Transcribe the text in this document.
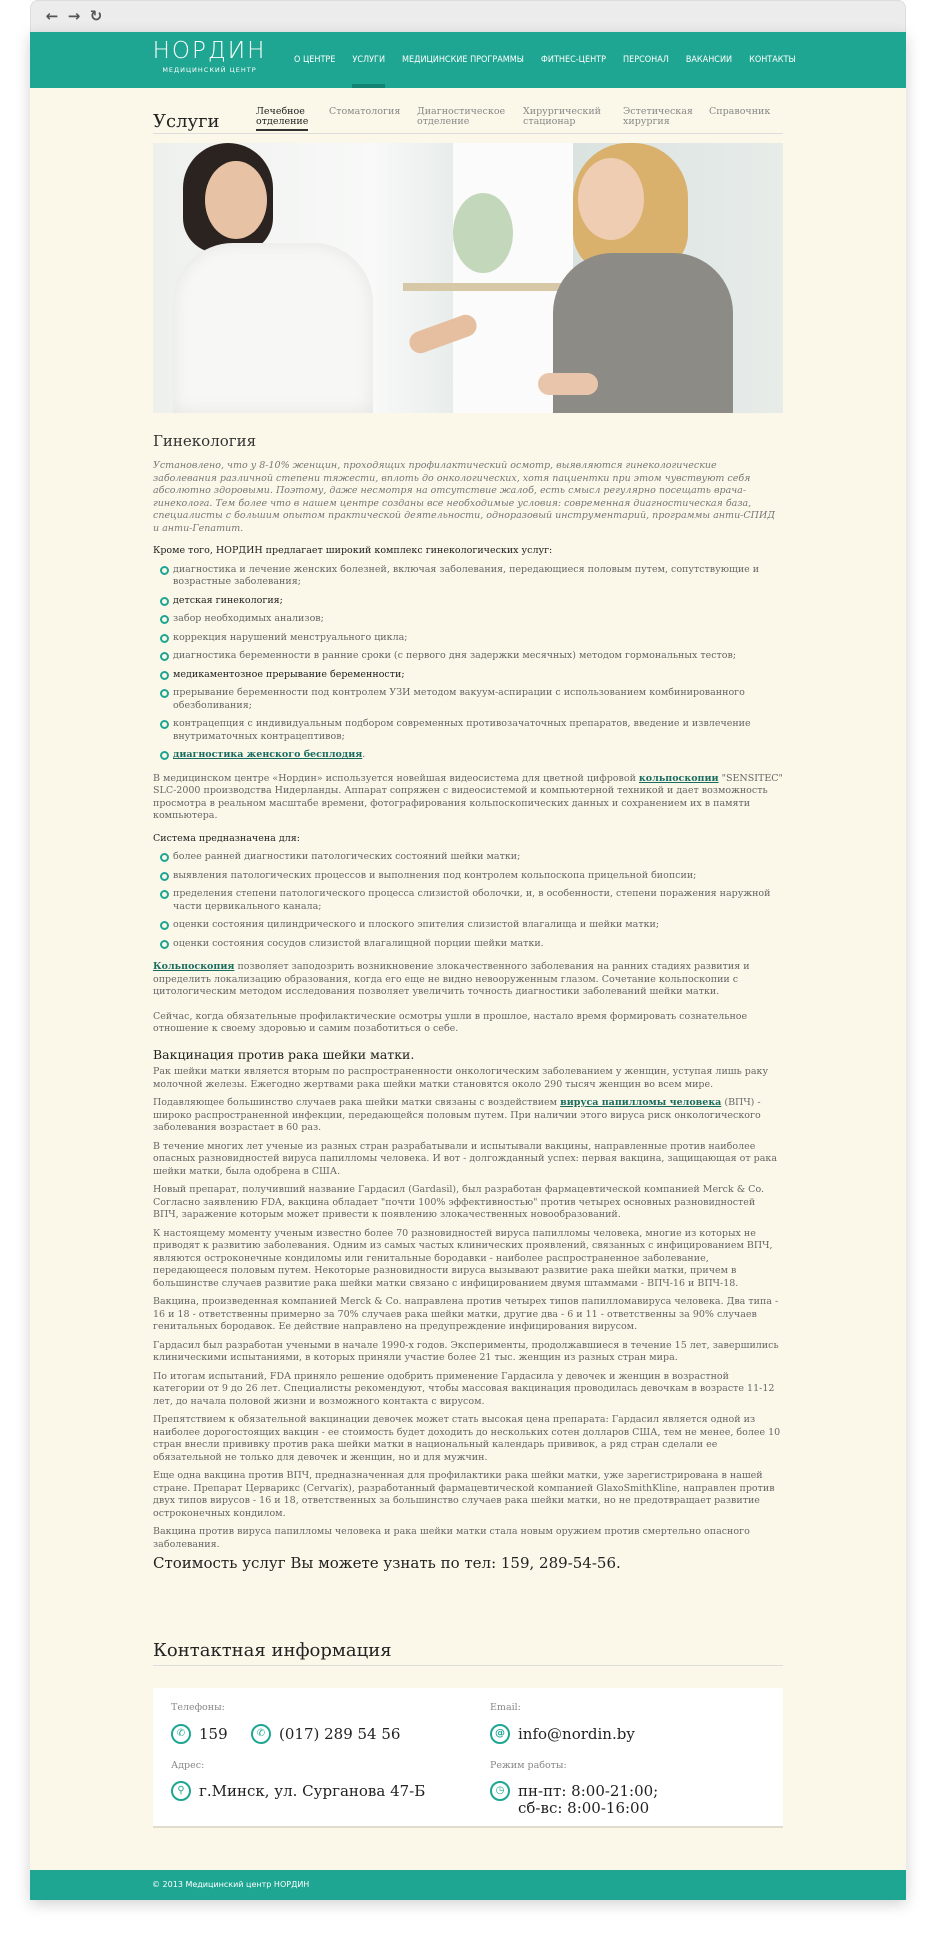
← → ↻
НОРДИН
МЕДИЦИНСКИЙ ЦЕНТР
О ЦЕНТРЕ УСЛУГИ МЕДИЦИНСКИЕ ПРОГРАММЫ ФИТНЕС-ЦЕНТР ПЕРСОНАЛ ВАКАНСИИ КОНТАКТЫ
Услуги	Лечебное
отделение
Стоматология Диагностическое
отделение
Хирургический
стационар
Эстетическая
хирургия
Справочник
Гинекология

Установлено, что у 8-10% женщин, проходящих профилактический осмотр, выявляются гинекологические заболевания различной степени тяжести, вплоть до онкологических, хотя пациентки при этом чувствуют себя абсолютно здоровыми. Поэтому, даже несмотря на отсутствие жалоб, есть смысл регулярно посещать врача-гинеколога. Тем более что в нашем центре созданы все необходимые условия: современная диагностическая база, специалисты с большим опытом практической деятельности, одноразовый инструментарий, программы анти-СПИД и анти-Гепатит.

Кроме того, НОРДИН предлагает широкий комплекс гинекологических услуг:

диагностика и лечение женских болезней, включая заболевания, передающиеся половым путем, сопутствующие и возрастные заболевания;
детская гинекология;
забор необходимых анализов;
коррекция нарушений менструального цикла;
диагностика беременности в ранние сроки (с первого дня задержки месячных) методом гормональных тестов;
медикаментозное прерывание беременности;
прерывание беременности под контролем УЗИ методом вакуум-аспирации с использованием комбинированного обезболивания;
контрацепция с индивидуальным подбором современных противозачаточных препаратов, введение и извлечение внутриматочных контрацептивов;
диагностика женского бесплодия.

В медицинском центре «Нордин» используется новейшая видеосистема для цветной цифровой кольпоскопии "SENSITEC" SLC-2000 производства Нидерланды. Аппарат сопряжен с видеосистемой и компьютерной техникой и дает возможность просмотра в реальном масштабе времени, фотографирования кольпоскопических данных и сохранением их в памяти компьютера.

Система предназначена для:

более ранней диагностики патологических состояний шейки матки;
выявления патологических процессов и выполнения под контролем кольпоскопа прицельной биопсии;
пределения степени патологического процесса слизистой оболочки, и, в особенности, степени поражения наружной части цервикального канала;
оценки состояния цилиндрического и плоского эпителия слизистой влагалища и шейки матки;
оценки состояния сосудов слизистой влагалищной порции шейки матки.

Кольпоскопия позволяет заподозрить возникновение злокачественного заболевания на ранних стадиях развития и определить локализацию образования, когда его еще не видно невооруженным глазом. Сочетание кольпоскопии с цитологическим методом исследования позволяет увеличить точность диагностики заболеваний шейки матки.

Сейчас, когда обязательные профилактические осмотры ушли в прошлое, настало время формировать сознательное отношение к своему здоровью и самим позаботиться о себе.

Вакцинация против рака шейки матки.

Рак шейки матки является вторым по распространенности онкологическим заболеванием у женщин, уступая лишь раку молочной железы. Ежегодно жертвами рака шейки матки становятся около 290 тысяч женщин во всем мире.

Подавляющее большинство случаев рака шейки матки связаны с воздействием вируса папилломы человека (ВПЧ) - широко распространенной инфекции, передающейся половым путем. При наличии этого вируса риск онкологического заболевания возрастает в 60 раз.

В течение многих лет ученые из разных стран разрабатывали и испытывали вакцины, направленные против наиболее опасных разновидностей вируса папилломы человека. И вот - долгожданный успех: первая вакцина, защищающая от рака шейки матки, была одобрена в США.

Новый препарат, получивший название Гардасил (Gardasil), был разработан фармацевтической компанией Merck & Co. Согласно заявлению FDA, вакцина обладает "почти 100% эффективностью" против четырех основных разновидностей ВПЧ, заражение которым может привести к появлению злокачественных новообразований.

К настоящему моменту ученым известно более 70 разновидностей вируса папилломы человека, многие из которых не приводят к развитию заболевания. Одним из самых частых клинических проявлений, связанных с инфицированием ВПЧ, являются остроконечные кондиломы или генитальные бородавки - наиболее распространенное заболевание, передающееся половым путем. Некоторые разновидности вируса вызывают развитие рака шейки матки, причем в большинстве случаев развитие рака шейки матки связано с инфицированием двумя штаммами - ВПЧ-16 и ВПЧ-18.

Вакцина, произведенная компанией Merck & Co. направлена против четырех типов папилломавируса человека. Два типа - 16 и 18 - ответственны примерно за 70% случаев рака шейки матки, другие два - 6 и 11 - ответственны за 90% случаев генитальных бородавок. Ее действие направлено на предупреждение инфицирования вирусом.

Гардасил был разработан учеными в начале 1990-х годов. Эксперименты, продолжавшиеся в течение 15 лет, завершились клиническими испытаниями, в которых приняли участие более 21 тыс. женщин из разных стран мира.

По итогам испытаний, FDA приняло решение одобрить применение Гардасила у девочек и женщин в возрастной категории от 9 до 26 лет. Специалисты рекомендуют, чтобы массовая вакцинация проводилась девочкам в возрасте 11-12 лет, до начала половой жизни и возможного контакта с вирусом.

Препятствием к обязательной вакцинации девочек может стать высокая цена препарата: Гардасил является одной из наиболее дорогостоящих вакцин - ее стоимость будет доходить до нескольких сотен долларов США, тем не менее, более 10 стран внесли прививку против рака шейки матки в национальный календарь прививок, а ряд стран сделали ее обязательной не только для девочек и женщин, но и для мужчин.

Еще одна вакцина против ВПЧ, предназначенная для профилактики рака шейки матки, уже зарегистрирована в нашей стране. Препарат Церварикс (Cervarix), разработанный фармацевтической компанией GlaxoSmithKline, направлен против двух типов вирусов - 16 и 18, ответственных за большинство случаев рака шейки матки, но не предотвращает развитие остроконечных кондилом.

Вакцина против вируса папилломы человека и рака шейки матки стала новым оружием против смертельно опасного заболевания.

Стоимость услуг Вы можете узнать по тел: 159, 289-54-56.
Контактная информация
Телефоны:
✆ 159	✆ (017) 289 54 56
Email:
@ info@nordin.by
Адрес:
⚲ г.Минск, ул. Сурганова 47-Б
Режим работы:
◷ пн-пт: 8:00-21:00;
сб-вс: 8:00-16:00
© 2013 Медицинский центр НОРДИН
